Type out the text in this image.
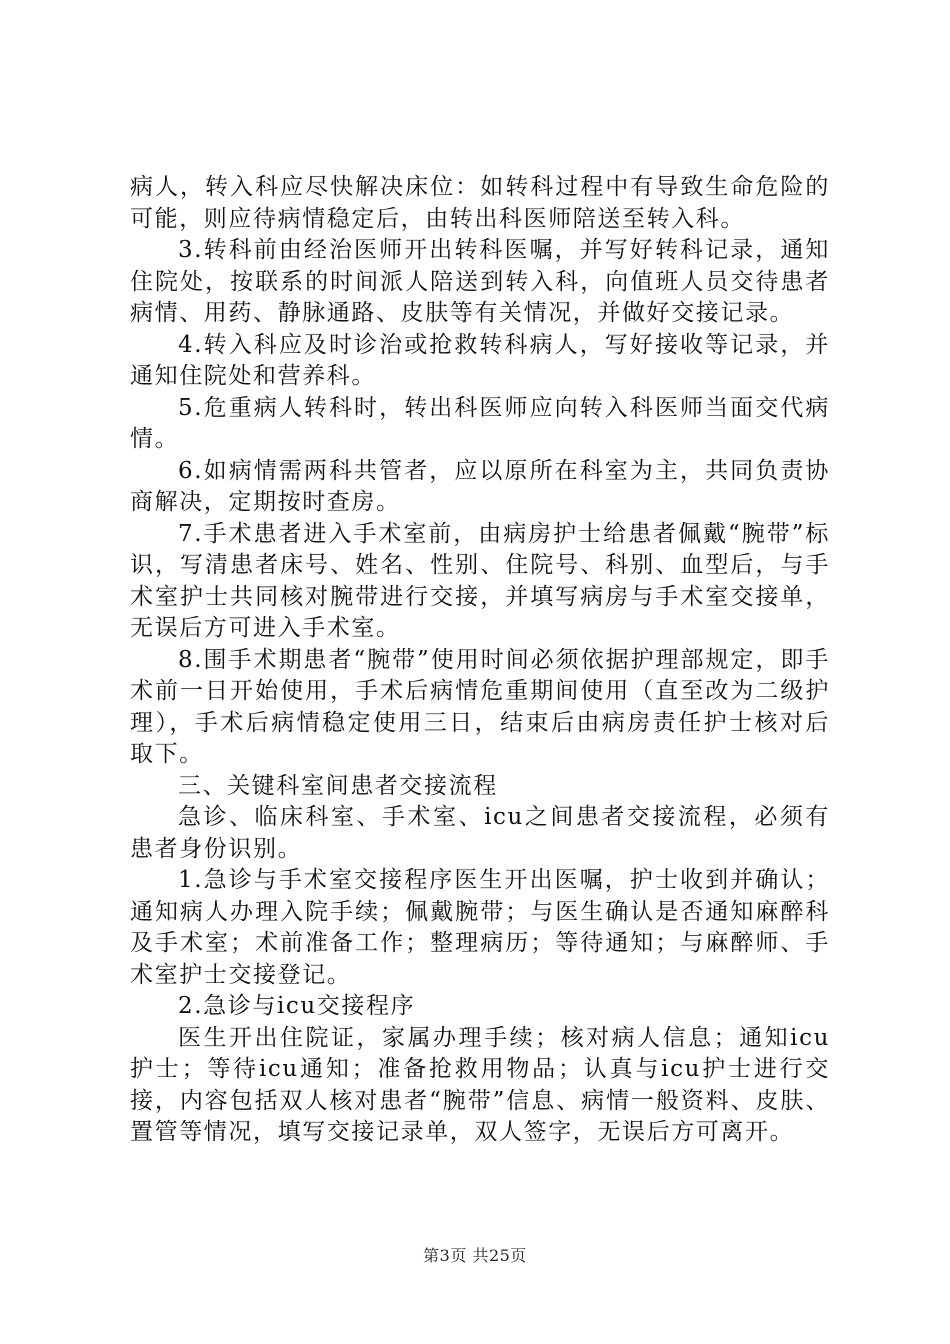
病人，转入科应尽快解决床位：如转科过程中有导致生命危险的可能，则应待病情稳定后，由转出科医师陪送至转入科。

3.转科前由经治医师开出转科医嘱，并写好转科记录，通知住院处，按联系的时间派人陪送到转入科，向值班人员交待患者病情、用药、静脉通路、皮肤等有关情况，并做好交接记录。

4.转入科应及时诊治或抢救转科病人，写好接收等记录，并通知住院处和营养科。

5.危重病人转科时，转出科医师应向转入科医师当面交代病情。

6.如病情需两科共管者，应以原所在科室为主，共同负责协商解决，定期按时查房。

7.手术患者进入手术室前，由病房护士给患者佩戴“腕带”标识，写清患者床号、姓名、性别、住院号、科别、血型后，与手术室护士共同核对腕带进行交接，并填写病房与手术室交接单，无误后方可进入手术室。

8.围手术期患者“腕带”使用时间必须依据护理部规定，即手术前一日开始使用，手术后病情危重期间使用（直至改为二级护理），手术后病情稳定使用三日，结束后由病房责任护士核对后取下。

三、关键科室间患者交接流程

急诊、临床科室、手术室、icu之间患者交接流程，必须有患者身份识别。

1.急诊与手术室交接程序医生开出医嘱，护士收到并确认；通知病人办理入院手续；佩戴腕带；与医生确认是否通知麻醉科及手术室；术前准备工作；整理病历；等待通知；与麻醉师、手术室护士交接登记。

2.急诊与icu交接程序

医生开出住院证，家属办理手续；核对病人信息；通知icu护士；等待icu通知；准备抢救用物品；认真与icu护士进行交接，内容包括双人核对患者“腕带”信息、病情一般资料、皮肤、置管等情况，填写交接记录单，双人签字，无误后方可离开。

第3页 共25页
